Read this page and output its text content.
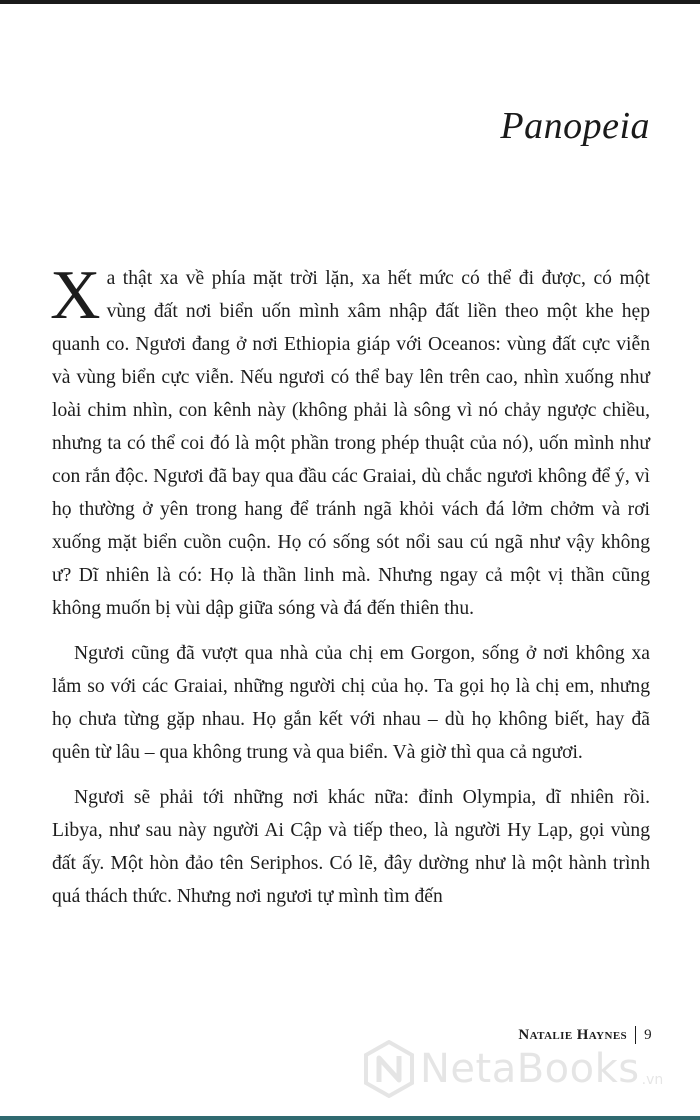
Panopeia

Xa thật xa về phía mặt trời lặn, xa hết mức có thể đi được, có một vùng đất nơi biển uốn mình xâm nhập đất liền theo một khe hẹp quanh co. Ngươi đang ở nơi Ethiopia giáp với Oceanos: vùng đất cực viễn và vùng biển cực viễn. Nếu ngươi có thể bay lên trên cao, nhìn xuống như loài chim nhìn, con kênh này (không phải là sông vì nó chảy ngược chiều, nhưng ta có thể coi đó là một phần trong phép thuật của nó), uốn mình như con rắn độc. Ngươi đã bay qua đầu các Graiai, dù chắc ngươi không để ý, vì họ thường ở yên trong hang để tránh ngã khỏi vách đá lởm chởm và rơi xuống mặt biển cuồn cuộn. Họ có sống sót nổi sau cú ngã như vậy không ư? Dĩ nhiên là có: Họ là thần linh mà. Nhưng ngay cả một vị thần cũng không muốn bị vùi dập giữa sóng và đá đến thiên thu.

Ngươi cũng đã vượt qua nhà của chị em Gorgon, sống ở nơi không xa lắm so với các Graiai, những người chị của họ. Ta gọi họ là chị em, nhưng họ chưa từng gặp nhau. Họ gắn kết với nhau – dù họ không biết, hay đã quên từ lâu – qua không trung và qua biển. Và giờ thì qua cả ngươi.

Ngươi sẽ phải tới những nơi khác nữa: đỉnh Olympia, dĩ nhiên rồi. Libya, như sau này người Ai Cập và tiếp theo, là người Hy Lạp, gọi vùng đất ấy. Một hòn đảo tên Seriphos. Có lẽ, đây dường như là một hành trình quá thách thức. Nhưng nơi ngươi tự mình tìm đến

Natalie Haynes 9
NetaBooks .vn
